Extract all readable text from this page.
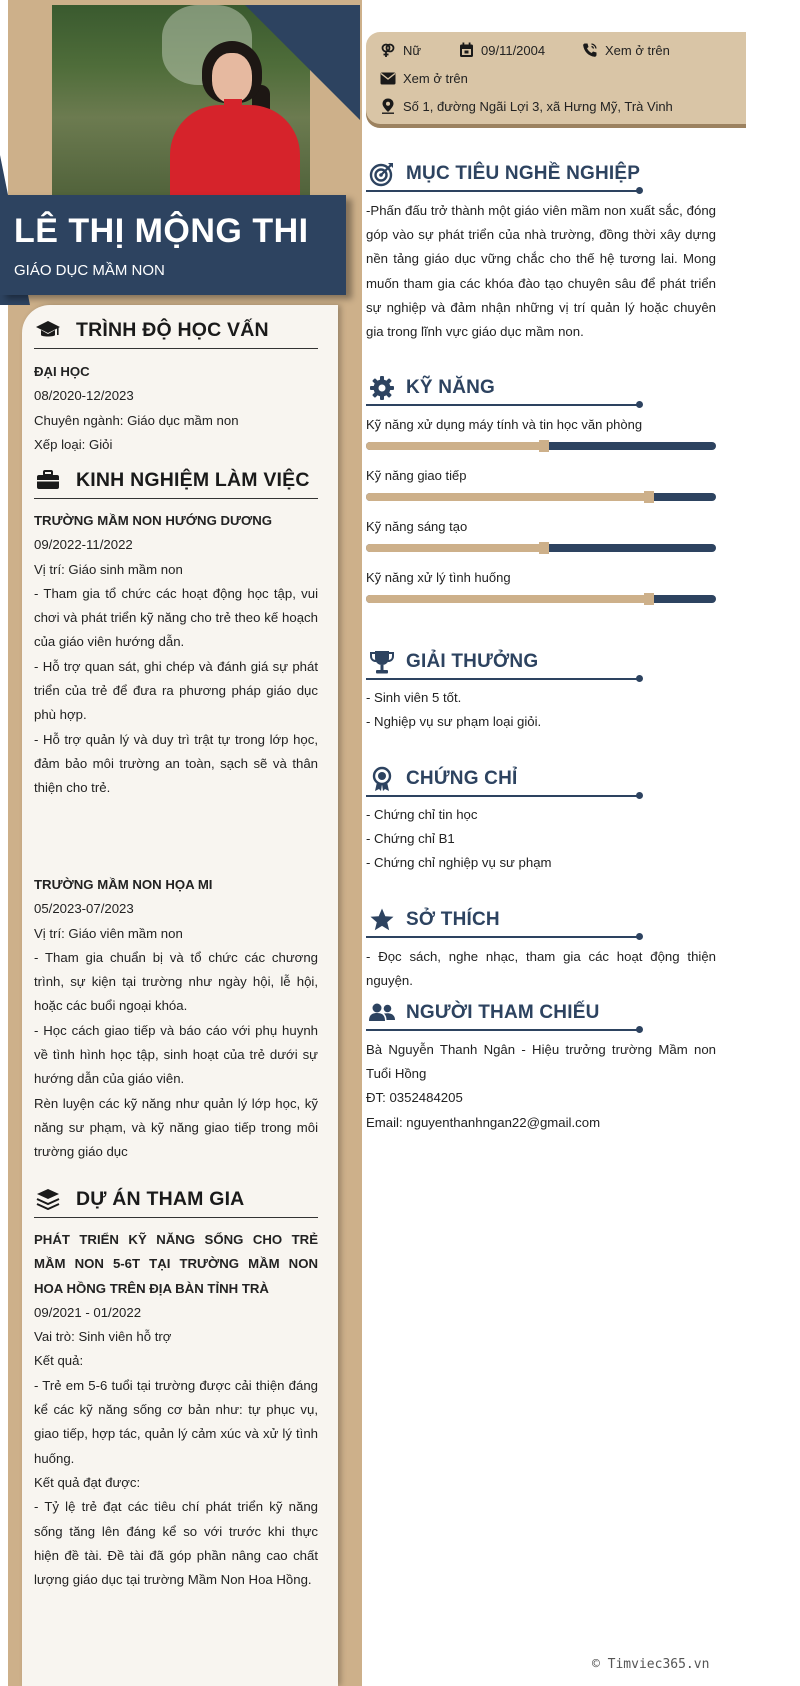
LÊ THỊ MỘNG THI
GIÁO DỤC MẦM NON
TRÌNH ĐỘ HỌC VẤN

ĐẠI HỌC

08/2020-12/2023

Chuyên ngành: Giáo dục mầm non

Xếp loại: Giỏi

KINH NGHIỆM LÀM VIỆC

TRƯỜNG MẦM NON HƯỚNG DƯƠNG

09/2022-11/2022

Vị trí: Giáo sinh mầm non

- Tham gia tổ chức các hoạt động học tập, vui chơi và phát triển kỹ năng cho trẻ theo kế hoạch của giáo viên hướng dẫn.

- Hỗ trợ quan sát, ghi chép và đánh giá sự phát triển của trẻ để đưa ra phương pháp giáo dục phù hợp.

- Hỗ trợ quản lý và duy trì trật tự trong lớp học, đảm bảo môi trường an toàn, sạch sẽ và thân thiện cho trẻ.

TRƯỜNG MẦM NON HỌA MI

05/2023-07/2023

Vị trí: Giáo viên mầm non

- Tham gia chuẩn bị và tổ chức các chương trình, sự kiện tại trường như ngày hội, lễ hội, hoặc các buổi ngoại khóa.

- Học cách giao tiếp và báo cáo với phụ huynh về tình hình học tập, sinh hoạt của trẻ dưới sự hướng dẫn của giáo viên.

Rèn luyện các kỹ năng như quản lý lớp học, kỹ năng sư phạm, và kỹ năng giao tiếp trong môi trường giáo dục

DỰ ÁN THAM GIA

PHÁT TRIỂN KỸ NĂNG SỐNG CHO TRẺ MẦM NON 5-6T TẠI TRƯỜNG MẦM NON HOA HỒNG TRÊN ĐỊA BÀN TỈNH TRÀ

09/2021 - 01/2022

Vai trò: Sinh viên hỗ trợ

Kết quả:

- Trẻ em 5-6 tuổi tại trường được cải thiện đáng kể các kỹ năng sống cơ bản như: tự phục vụ, giao tiếp, hợp tác, quản lý cảm xúc và xử lý tình huống.

Kết quả đạt được:

- Tỷ lệ trẻ đạt các tiêu chí phát triển kỹ năng sống tăng lên đáng kể so với trước khi thực hiện đề tài. Đề tài đã góp phần nâng cao chất lượng giáo dục tại trường Mầm Non Hoa Hồng.

Nữ	09/11/2004	Xem ở trên
Xem ở trên
Số 1, đường Ngãi Lợi 3, xã Hưng Mỹ, Trà Vinh
MỤC TIÊU NGHỀ NGHIỆP
-Phấn đấu trở thành một giáo viên mầm non xuất sắc, đóng góp vào sự phát triển của nhà trường, đồng thời xây dựng nền tảng giáo dục vững chắc cho thế hệ tương lai. Mong muốn tham gia các khóa đào tạo chuyên sâu để phát triển sự nghiệp và đảm nhận những vị trí quản lý hoặc chuyên gia trong lĩnh vực giáo dục mầm non.
KỸ NĂNG
Kỹ năng xử dụng máy tính và tin học văn phòng
Kỹ năng giao tiếp
Kỹ năng sáng tạo
Kỹ năng xử lý tình huống
GIẢI THƯỞNG

- Sinh viên 5 tốt.

- Nghiệp vụ sư phạm loại giỏi.

CHỨNG CHỈ

- Chứng chỉ tin học

- Chứng chỉ B1

- Chứng chỉ nghiệp vụ sư phạm

SỞ THÍCH
- Đọc sách, nghe nhạc, tham gia các hoạt động thiện nguyện.
NGƯỜI THAM CHIẾU

Bà Nguyễn Thanh Ngân - Hiệu trưởng trường Mầm non Tuổi Hồng

ĐT: 0352484205

Email: nguyenthanhngan22@gmail.com

© Timviec365.vn
